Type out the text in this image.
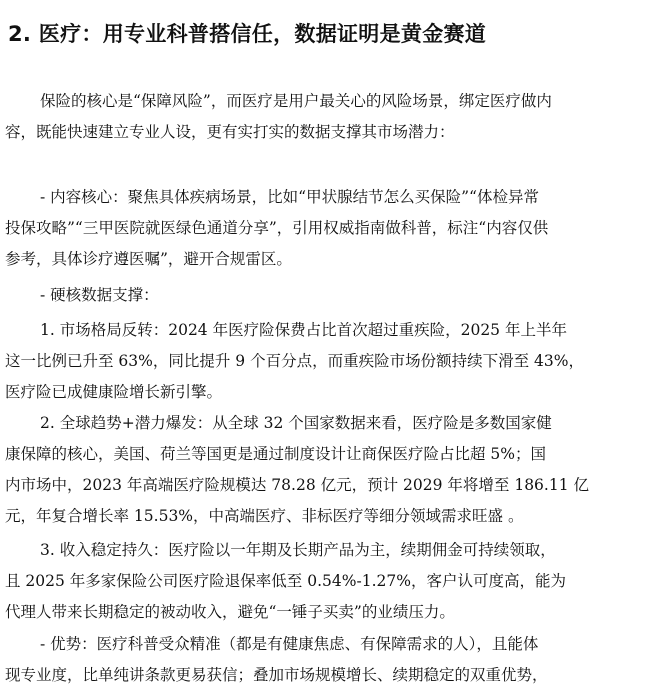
2. 医疗：用专业科普搭信任，数据证明是黄金赛道
保险的核心是“保障风险”，而医疗是用户最关心的风险场景，绑定医疗做内
容，既能快速建立专业人设，更有实打实的数据支撑其市场潜力：
- 内容核心：聚焦具体疾病场景，比如“甲状腺结节怎么买保险”“体检异常
投保攻略”“三甲医院就医绿色通道分享”，引用权威指南做科普，标注“内容仅供
参考，具体诊疗遵医嘱”，避开合规雷区。
- 硬核数据支撑：
1. 市场格局反转：2024 年医疗险保费占比首次超过重疾险，2025 年上半年
这一比例已升至 63%，同比提升 9 个百分点，而重疾险市场份额持续下滑至 43%，
医疗险已成健康险增长新引擎。
2. 全球趋势+潜力爆发：从全球 32 个国家数据来看，医疗险是多数国家健
康保障的核心，美国、荷兰等国更是通过制度设计让商保医疗险占比超 5%；国
内市场中，2023 年高端医疗险规模达 78.28 亿元，预计 2029 年将增至 186.11 亿
元，年复合增长率 15.53%，中高端医疗、非标医疗等细分领域需求旺盛 。
3. 收入稳定持久：医疗险以一年期及长期产品为主，续期佣金可持续领取，
且 2025 年多家保险公司医疗险退保率低至 0.54%-1.27%，客户认可度高，能为
代理人带来长期稳定的被动收入，避免“一锤子买卖”的业绩压力。
- 优势：医疗科普受众精准（都是有健康焦虑、有保障需求的人），且能体
现专业度，比单纯讲条款更易获信；叠加市场规模增长、续期稳定的双重优势，
